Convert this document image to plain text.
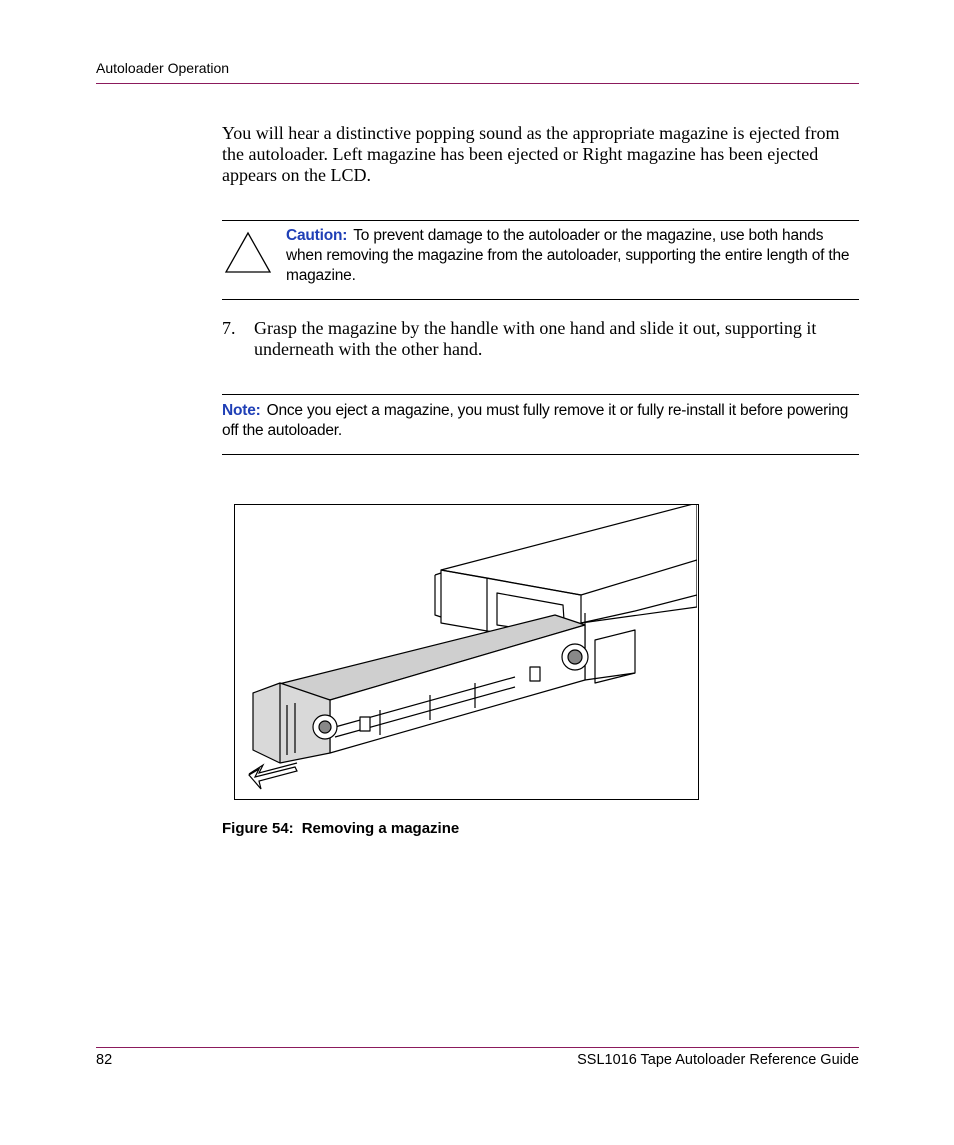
Autoloader Operation
You will hear a distinctive popping sound as the appropriate magazine is ejected from the autoloader. Left magazine has been ejected or Right magazine has been ejected appears on the LCD.
Caution: To prevent damage to the autoloader or the magazine, use both hands when removing the magazine from the autoloader, supporting the entire length of the magazine.
7. Grasp the magazine by the handle with one hand and slide it out, supporting it underneath with the other hand.
Note: Once you eject a magazine, you must fully remove it or fully re-install it before powering off the autoloader.
Figure 54: Removing a magazine
82	SSL1016 Tape Autoloader Reference Guide
